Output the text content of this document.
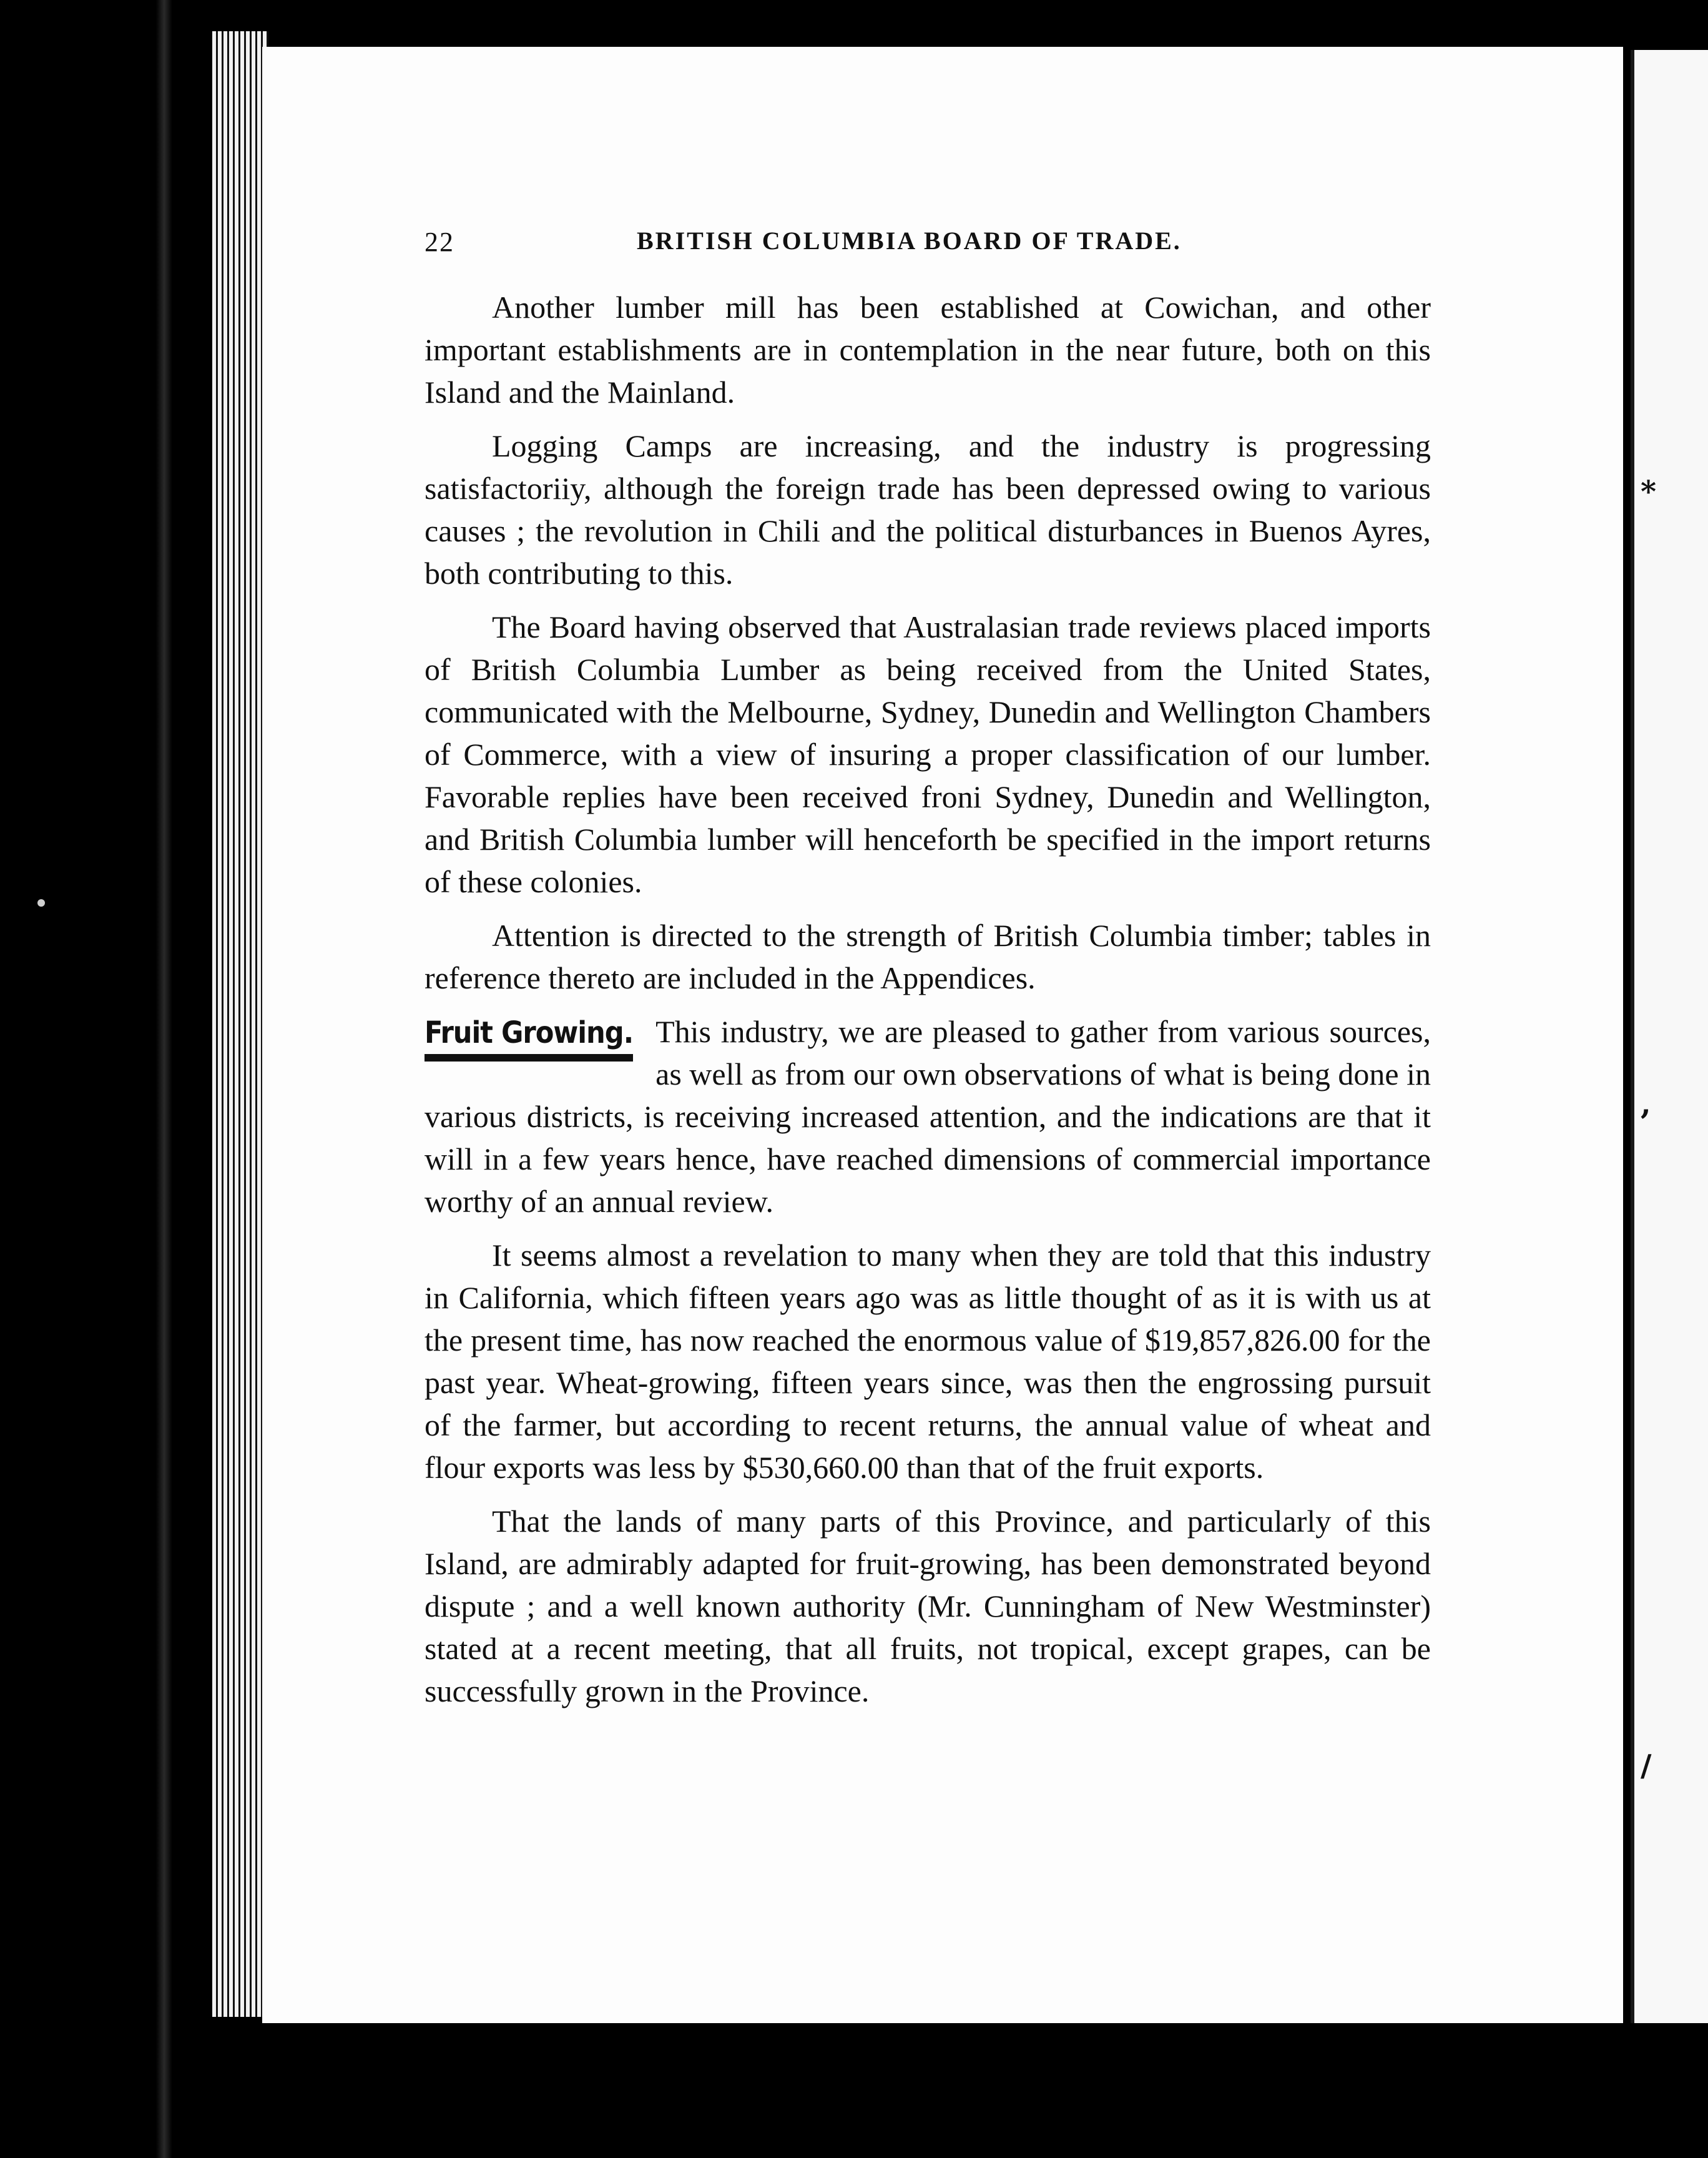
*
,
/
22	BRITISH COLUMBIA BOARD OF TRADE.

Another lumber mill has been established at Cowichan, and other important establishments are in contemplation in the near future, both on this Island and the Mainland.

Logging Camps are increasing, and the industry is progressing satisfactoriiy, although the foreign trade has been depressed owing to various causes ; the revolution in Chili and the political disturbances in Buenos Ayres, both contributing to this.

The Board having observed that Australasian trade reviews placed imports of British Columbia Lumber as being received from the United States, communicated with the Melbourne, Sydney, Dunedin and Wellington Chambers of Commerce, with a view of insuring a proper classification of our lumber. Favorable replies have been received froni Sydney, Dunedin and Wellington, and British Columbia lumber will henceforth be specified in the import returns of these colonies.

Attention is directed to the strength of British Columbia timber; tables in reference thereto are included in the Appendices.

Fruit Growing. This industry, we are pleased to gather from various sources, as well as from our own observations of what is being done in various districts, is receiving increased attention, and the indications are that it will in a few years hence, have reached dimensions of commercial importance worthy of an annual review.

It seems almost a revelation to many when they are told that this industry in California, which fifteen years ago was as little thought of as it is with us at the present time, has now reached the enormous value of $19,857,826.00 for the past year. Wheat-growing, fifteen years since, was then the engrossing pursuit of the farmer, but according to recent returns, the annual value of wheat and flour exports was less by $530,660.00 than that of the fruit exports.

That the lands of many parts of this Province, and particularly of this Island, are admirably adapted for fruit-growing, has been demonstrated beyond dispute ; and a well known authority (Mr. Cunningham of New Westminster) stated at a recent meeting, that all fruits, not tropical, except grapes, can be successfully grown in the Province.
